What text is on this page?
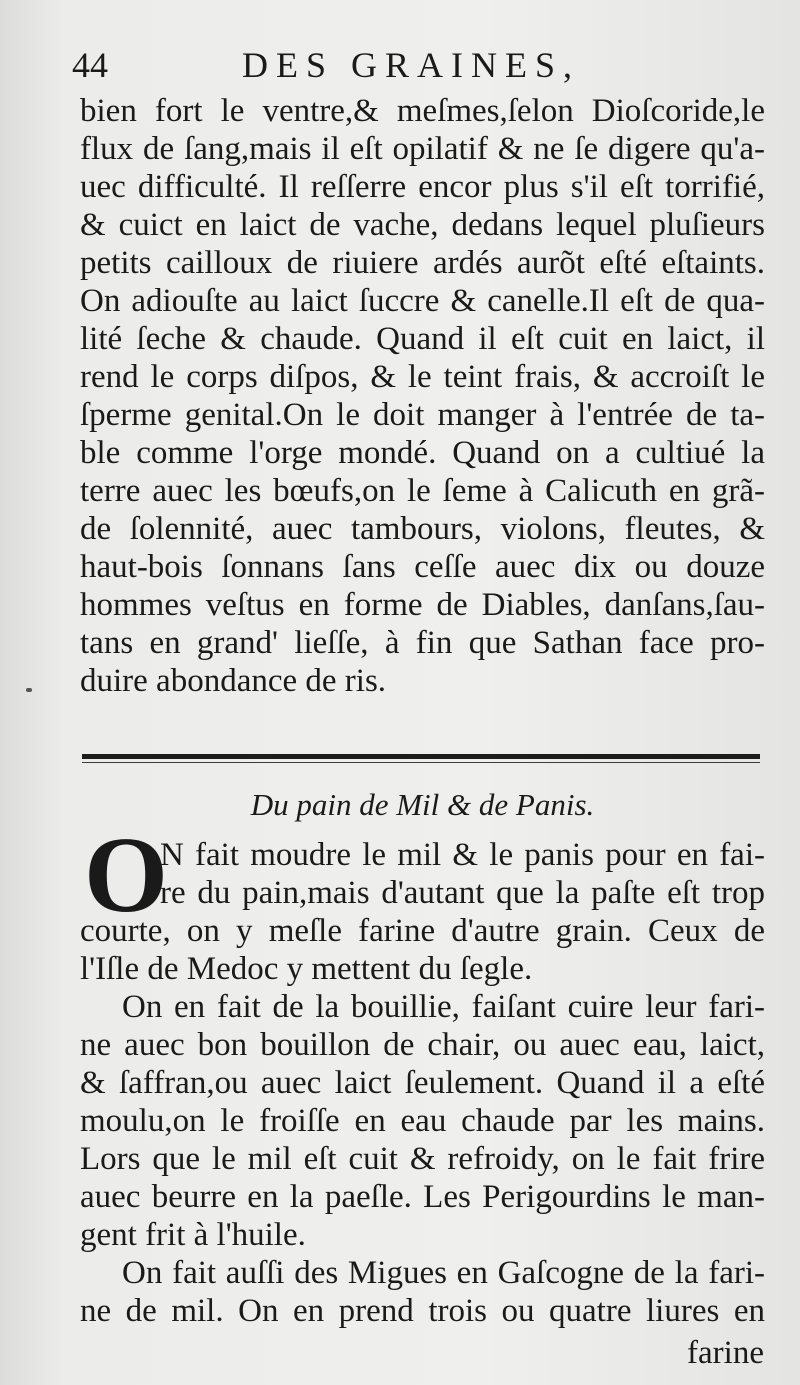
44	DES GRAINES,
bien fort le ventre,& meſmes,ſelon Dioſcoride,le
flux de ſang,mais il eſt opilatif & ne ſe digere qu'a-
uec difficulté. Il reſſerre encor plus s'il eſt torrifié,
& cuict en laict de vache, dedans lequel pluſieurs
petits cailloux de riuiere ardés aurõt eſté eſtaints.
On adiouſte au laict ſuccre & canelle.Il eſt de qua-
lité ſeche & chaude. Quand il eſt cuit en laict, il
rend le corps diſpos, & le teint frais, & accroiſt le
ſperme genital.On le doit manger à l'entrée de ta-
ble comme l'orge mondé. Quand on a cultiué la
terre auec les bœufs,on le ſeme à Calicuth en grã-
de ſolennité, auec tambours, violons, fleutes, &
haut-bois ſonnans ſans ceſſe auec dix ou douze
hommes veſtus en forme de Diables, danſans,ſau-
tans en grand' lieſſe, à fin que Sathan face pro-
duire abondance de ris.
Du pain de Mil & de Panis.
O
N fait moudre le mil & le panis pour en fai-
re du pain,mais d'autant que la paſte eſt trop
courte, on y meſle farine d'autre grain. Ceux de
l'Iſle de Medoc y mettent du ſegle.
On en fait de la bouillie, faiſant cuire leur fari-
ne auec bon bouillon de chair, ou auec eau, laict,
& ſaffran,ou auec laict ſeulement. Quand il a eſté
moulu,on le froiſſe en eau chaude par les mains.
Lors que le mil eſt cuit & refroidy, on le fait frire
auec beurre en la paeſle. Les Perigourdins le man-
gent frit à l'huile.
On fait auſſi des Migues en Gaſcogne de la fari-
ne de mil. On en prend trois ou quatre liures en
farine
